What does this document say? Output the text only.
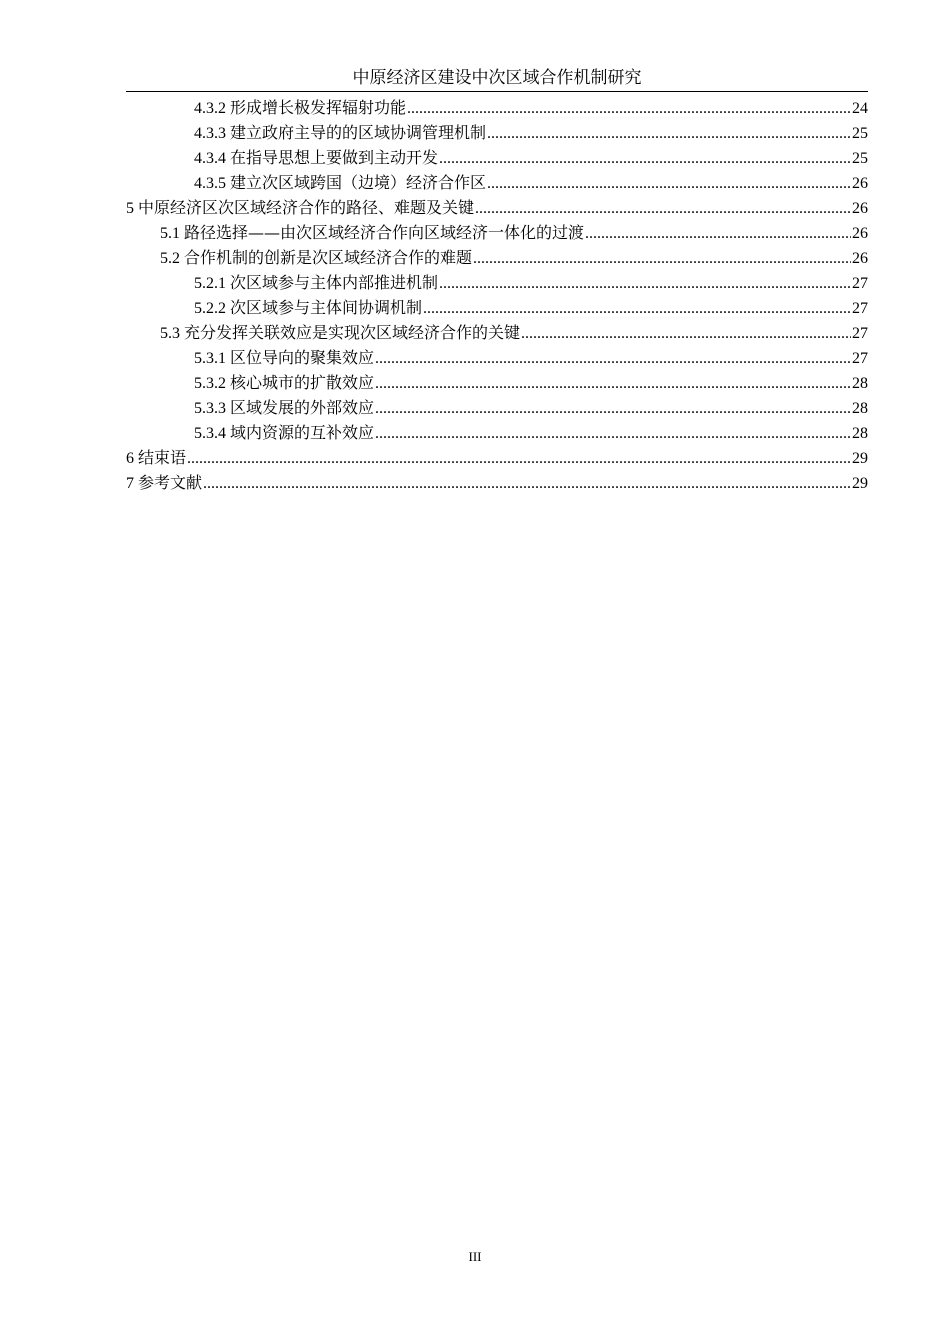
中原经济区建设中次区域合作机制研究
4.3.2 形成增长极发挥辐射功能 .....	24
4.3.3 建立政府主导的的区域协调管理机制 .....	25
4.3.4 在指导思想上要做到主动开发 .....	25
4.3.5 建立次区域跨国（边境）经济合作区 .....	26
5 中原经济区次区域经济合作的路径、难题及关键 .....	26
5.1 路径选择——由次区域经济合作向区域经济一体化的过渡 .....	26
5.2 合作机制的创新是次区域经济合作的难题 .....	26
5.2.1 次区域参与主体内部推进机制 .....	27
5.2.2 次区域参与主体间协调机制 .....	27
5.3 充分发挥关联效应是实现次区域经济合作的关键 .....	27
5.3.1 区位导向的聚集效应 .....	27
5.3.2 核心城市的扩散效应 .....	28
5.3.3 区域发展的外部效应 .....	28
5.3.4 域内资源的互补效应 .....	28
6 结束语 .....	29
7 参考文献 .....	29
III
